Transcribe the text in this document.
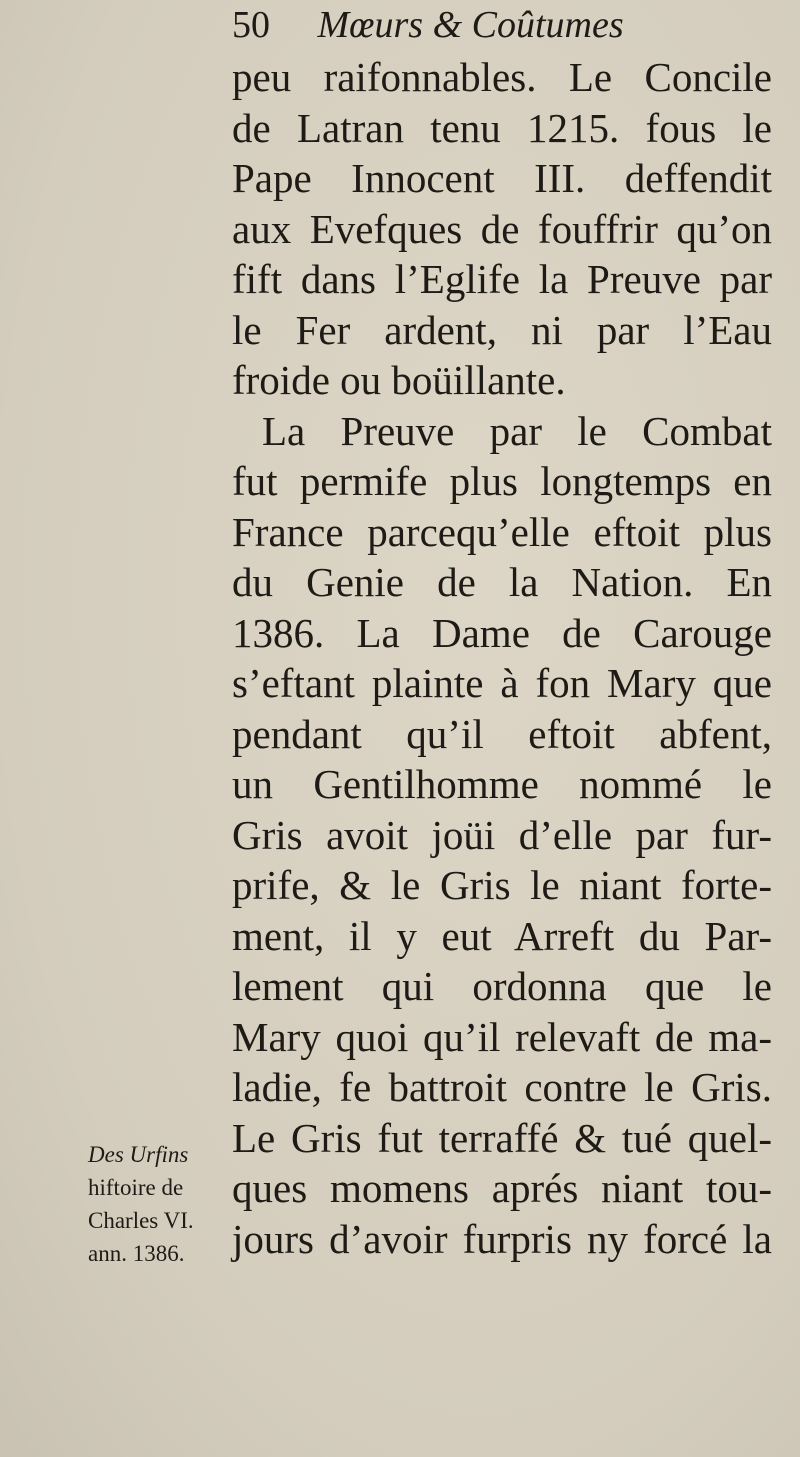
50 Mœurs & Coûtumes
peu raifonnables. Le Concile
de Latran tenu 1215. fous le
Pape Innocent III. deffendit
aux Evefques de fouffrir qu’on
fift dans l’Eglife la Preuve par
le Fer ardent, ni par l’Eau
froide ou boüillante.
La Preuve par le Combat
fut permife plus longtemps en
France parcequ’elle eftoit plus
du Genie de la Nation. En
1386. La Dame de Carouge
s’eftant plainte à fon Mary que
pendant qu’il eftoit abfent,
un Gentilhomme nommé le
Gris avoit joüi d’elle par fur-
prife, & le Gris le niant forte-
ment, il y eut Arreft du Par-
lement qui ordonna que le
Mary quoi qu’il relevaft de ma-
ladie, fe battroit contre le Gris.
Le Gris fut terraffé & tué quel-
ques momens aprés niant tou-
jours d’avoir furpris ny forcé la
Des Urfins
hiftoire de
Charles VI.
ann. 1386.
